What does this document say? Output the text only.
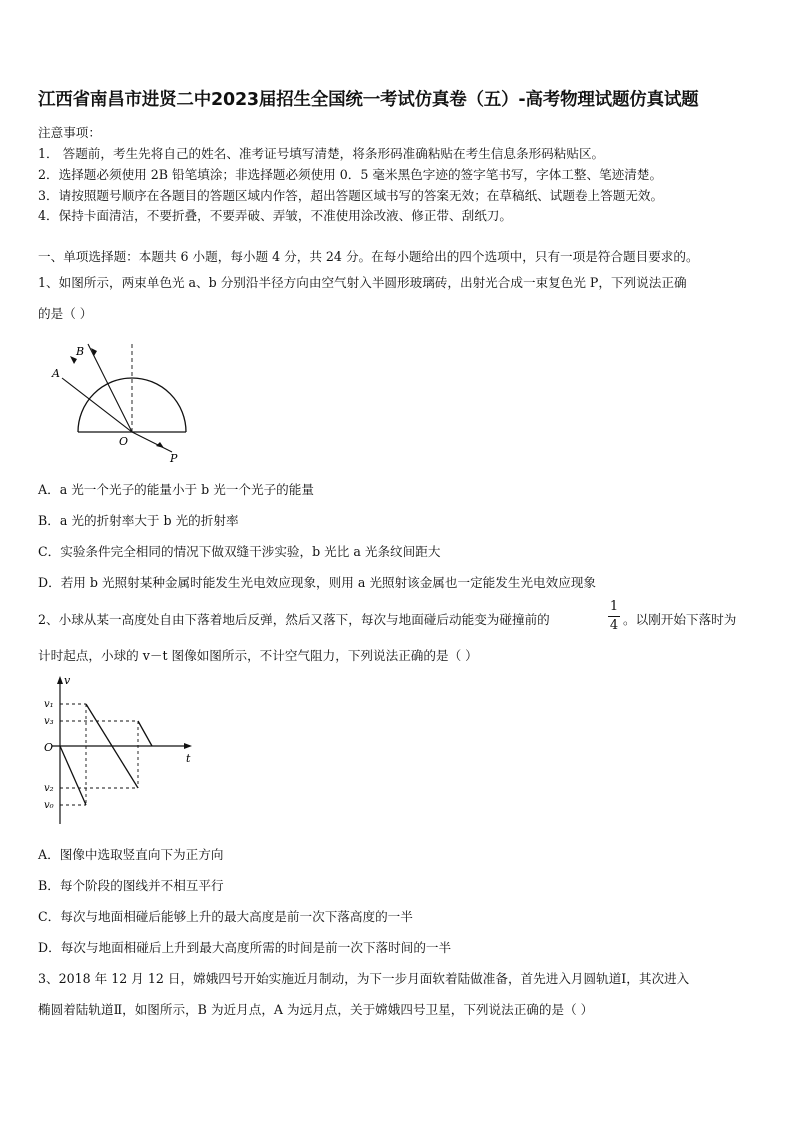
江西省南昌市进贤二中2023届招生全国统一考试仿真卷（五）-高考物理试题仿真试题
注意事项：
1． 答题前，考生先将自己的姓名、准考证号填写清楚，将条形码准确粘贴在考生信息条形码粘贴区。
2．选择题必须使用 2B 铅笔填涂；非选择题必须使用 0．5 毫米黑色字迹的签字笔书写，字体工整、笔迹清楚。
3．请按照题号顺序在各题目的答题区域内作答，超出答题区域书写的答案无效；在草稿纸、试题卷上答题无效。
4．保持卡面清洁，不要折叠，不要弄破、弄皱，不准使用涂改液、修正带、刮纸刀。
一、单项选择题：本题共 6 小题，每小题 4 分，共 24 分。在每小题给出的四个选项中，只有一项是符合题目要求的。
1、如图所示，两束单色光 a、b 分别沿半径方向由空气射入半圆形玻璃砖，出射光合成一束复色光 P，下列说法正确
的是（ ）
B
A
O
P
A．a 光一个光子的能量小于 b 光一个光子的能量
B．a 光的折射率大于 b 光的折射率
C．实验条件完全相同的情况下做双缝干涉实验，b 光比 a 光条纹间距大
D．若用 b 光照射某种金属时能发生光电效应现象，则用 a 光照射该金属也一定能发生光电效应现象
2、小球从某一高度处自由下落着地后反弹，然后又落下，每次与地面碰后动能变为碰撞前的
1
4 。以刚开始下落时为
计时起点，小球的 v－t 图像如图所示，不计空气阻力，下列说法正确的是（ ）
v
t
O
v₁
v₃
v₂
v₀
A．图像中选取竖直向下为正方向
B．每个阶段的图线并不相互平行
C．每次与地面相碰后能够上升的最大高度是前一次下落高度的一半
D．每次与地面相碰后上升到最大高度所需的时间是前一次下落时间的一半
3、2018 年 12 月 12 日，嫦娥四号开始实施近月制动，为下一步月面软着陆做准备，首先进入月圆轨道Ⅰ，其次进入
椭圆着陆轨道Ⅱ，如图所示，B 为近月点，A 为远月点，关于嫦娥四号卫星，下列说法正确的是（ ）
